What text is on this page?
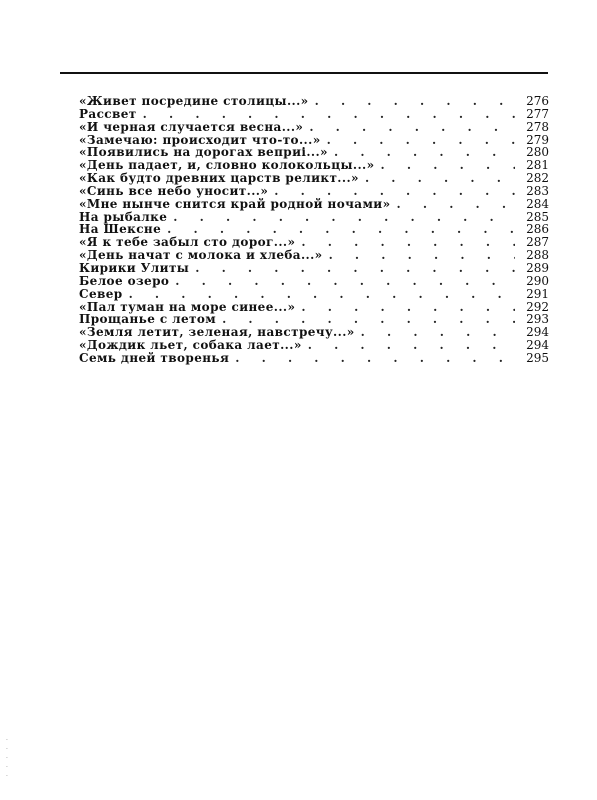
«Живет посредине столицы...» . . .	276
Рассвет . . .	277
«И черная случается весна...» . . .	278
«Замечаю: происходит что-то...» . . .	279
«Появились на дорогах веприі...» . . .	280
«День падает, и, словно колокольцы...» . . .	281
«Как будто древних царств реликт...» . . .	282
«Синь все небо уносит...» . . .	283
«Мне нынче снится край родной ночами» . . .	284
На рыбалке . . .	285
На Шексне . . .	286
«Я к тебе забыл сто дорог...» . . .	287
«День начат с молока и хлеба...» . . .	288
Кирики Улиты . . .	289
Белое озеро . . .	290
Север . . .	291
«Пал туман на море синее...» . . .	292
Прощанье с летом . . .	293
«Земля летит, зеленая, навстречу...» . . .	294
«Дождик льет, собака лает...» . . .	294
Семь дней творенья . . .	295
·
·
·
·
·
